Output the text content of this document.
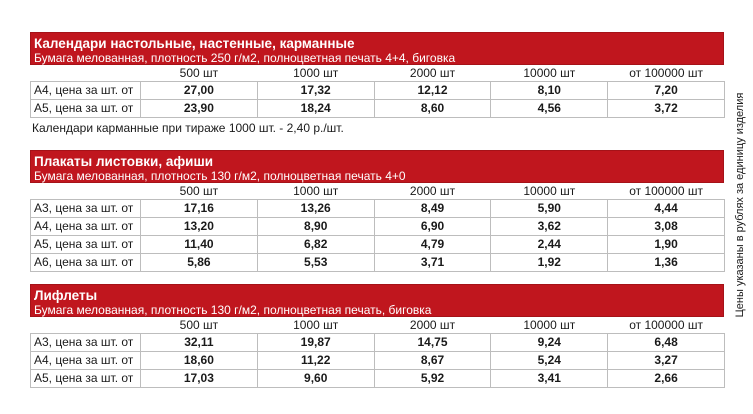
Календари настольные, настенные, карманные
Бумага мелованная, плотность 250 г/м2, полноцветная печать 4+4, биговка
	500 шт	1000 шт	2000 шт	10000 шт	от 100000 шт
А4, цена за шт. от	27,00	17,32	12,12	8,10	7,20
А5, цена за шт. от	23,90	18,24	8,60	4,56	3,72
Календари карманные при тираже 1000 шт. - 2,40 р./шт.
Плакаты листовки, афиши
Бумага мелованная, плотность 130 г/м2, полноцветная печать 4+0
	500 шт	1000 шт	2000 шт	10000 шт	от 100000 шт
А3, цена за шт. от	17,16	13,26	8,49	5,90	4,44
А4, цена за шт. от	13,20	8,90	6,90	3,62	3,08
А5, цена за шт. от	11,40	6,82	4,79	2,44	1,90
А6, цена за шт. от	5,86	5,53	3,71	1,92	1,36
Лифлеты
Бумага мелованная, плотность 130 г/м2, полноцветная печать, биговка
	500 шт	1000 шт	2000 шт	10000 шт	от 100000 шт
А3, цена за шт. от	32,11	19,87	14,75	9,24	6,48
А4, цена за шт. от	18,60	11,22	8,67	5,24	3,27
А5, цена за шт. от	17,03	9,60	5,92	3,41	2,66
Цены указаны в рублях за единицу изделия
